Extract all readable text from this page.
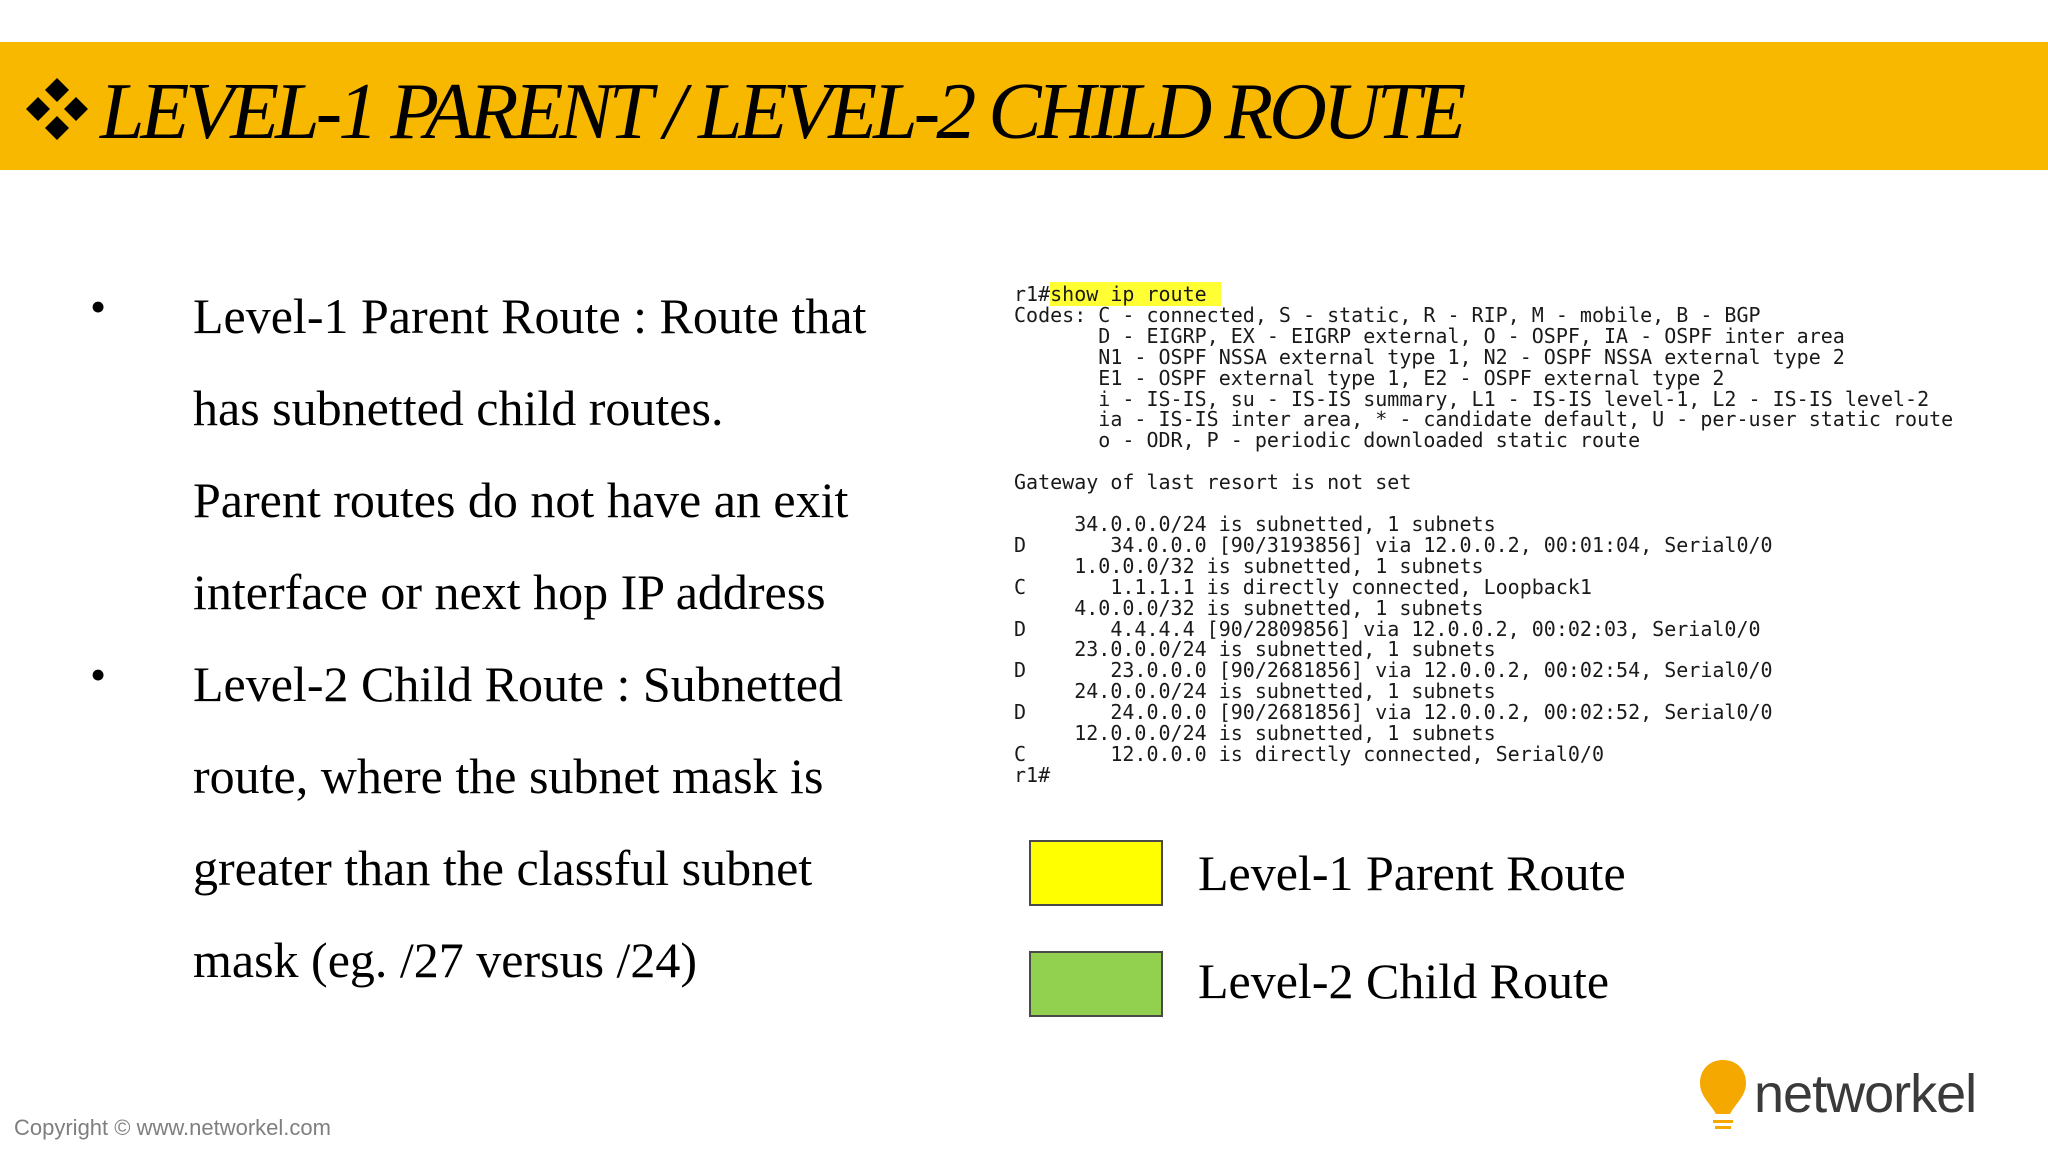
LEVEL-1 PARENT / LEVEL-2 CHILD ROUTE
• Level-1 Parent Route : Route that
has subnetted child routes.
Parent routes do not have an exit
interface or next hop IP address
• Level-2 Child Route : Subnetted
route, where the subnet mask is
greater than the classful subnet
mask (eg. /27 versus /24)
r1#show ip route
Codes: C - connected, S - static, R - RIP, M - mobile, B - BGP
D - EIGRP, EX - EIGRP external, O - OSPF, IA - OSPF inter area
N1 - OSPF NSSA external type 1, N2 - OSPF NSSA external type 2
E1 - OSPF external type 1, E2 - OSPF external type 2
i - IS-IS, su - IS-IS summary, L1 - IS-IS level-1, L2 - IS-IS level-2
ia - IS-IS inter area, * - candidate default, U - per-user static route
o - ODR, P - periodic downloaded static route

Gateway of last resort is not set

34.0.0.0/24 is subnetted, 1 subnets
D       34.0.0.0 [90/3193856] via 12.0.0.2, 00:01:04, Serial0/0
1.0.0.0/32 is subnetted, 1 subnets
C       1.1.1.1 is directly connected, Loopback1
4.0.0.0/32 is subnetted, 1 subnets
D       4.4.4.4 [90/2809856] via 12.0.0.2, 00:02:03, Serial0/0
23.0.0.0/24 is subnetted, 1 subnets
D       23.0.0.0 [90/2681856] via 12.0.0.2, 00:02:54, Serial0/0
24.0.0.0/24 is subnetted, 1 subnets
D       24.0.0.0 [90/2681856] via 12.0.0.2, 00:02:52, Serial0/0
12.0.0.0/24 is subnetted, 1 subnets
C       12.0.0.0 is directly connected, Serial0/0
r1#
Level-1 Parent Route
Level-2 Child Route
Copyright © www.networkel.com
networkel
